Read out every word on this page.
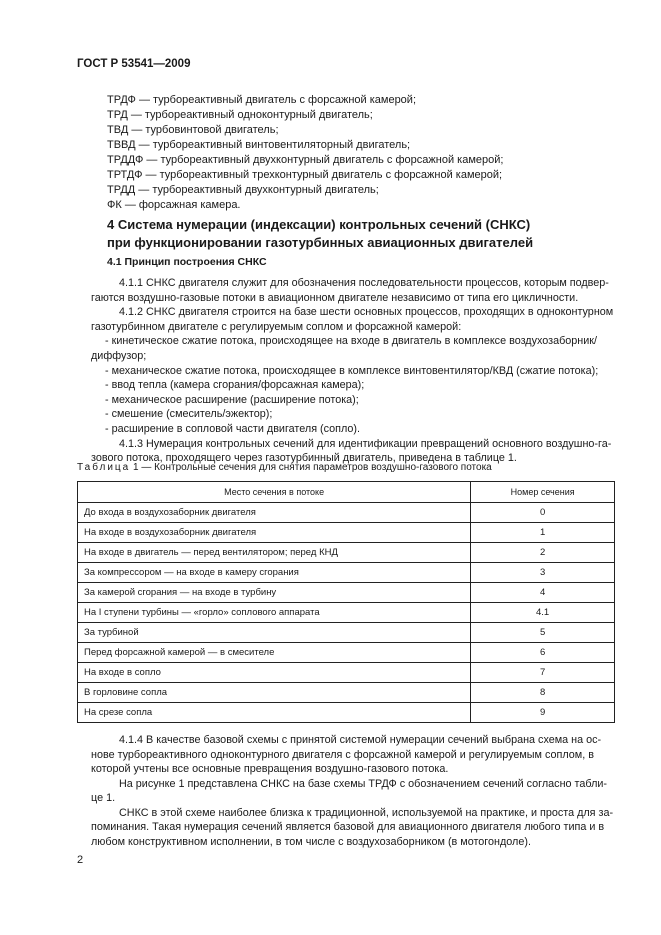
ГОСТ Р 53541—2009
ТРДФ — турбореактивный двигатель с форсажной камерой;
ТРД — турбореактивный одноконтурный двигатель;
ТВД — турбовинтовой двигатель;
ТВВД — турбореактивный винтовентиляторный двигатель;
ТРДДФ — турбореактивный двухконтурный двигатель с форсажной камерой;
ТРТДФ — турбореактивный трехконтурный двигатель с форсажной камерой;
ТРДД — турбореактивный двухконтурный двигатель;
ФК — форсажная камера.
4 Система нумерации (индексации) контрольных сечений (СНКС)
при функционировании газотурбинных авиационных двигателей
4.1 Принцип построения СНКС
4.1.1 СНКС двигателя служит для обозначения последовательности процессов, которым подвер-
гаются воздушно-газовые потоки в авиационном двигателе независимо от типа его цикличности.
4.1.2 СНКС двигателя строится на базе шести основных процессов, проходящих в одноконтурном
газотурбинном двигателе с регулируемым соплом и форсажной камерой:
- кинетическое сжатие потока, происходящее на входе в двигатель в комплексе воздухозаборник/
диффузор;
- механическое сжатие потока, происходящее в комплексе винтовентилятор/КВД (сжатие потока);
- ввод тепла (камера сгорания/форсажная камера);
- механическое расширение (расширение потока);
- смешение (смеситель/эжектор);
- расширение в сопловой части двигателя (сопло).
4.1.3 Нумерация контрольных сечений для идентификации превращений основного воздушно-га-
зового потока, проходящего через газотурбинный двигатель, приведена в таблице 1.
Таблица 1 — Контрольные сечения для снятия параметров воздушно-газового потока
Место сечения в потоке	Номер сечения
До входа в воздухозаборник двигателя	0
На входе в воздухозаборник двигателя	1
На входе в двигатель — перед вентилятором; перед КНД	2
За компрессором — на входе в камеру сгорания	3
За камерой сгорания — на входе в турбину	4
На I ступени турбины — «горло» соплового аппарата	4.1
За турбиной	5
Перед форсажной камерой — в смесителе	6
На входе в сопло	7
В горловине сопла	8
На срезе сопла	9
4.1.4 В качестве базовой схемы с принятой системой нумерации сечений выбрана схема на ос-
нове турбореактивного одноконтурного двигателя с форсажной камерой и регулируемым соплом, в
которой учтены все основные превращения воздушно-газового потока.
На рисунке 1 представлена СНКС на базе схемы ТРДФ с обозначением сечений согласно табли-
це 1.
СНКС в этой схеме наиболее близка к традиционной, используемой на практике, и проста для за-
поминания. Такая нумерация сечений является базовой для авиационного двигателя любого типа и в
любом конструктивном исполнении, в том числе с воздухозаборником (в мотогондоле).
2
